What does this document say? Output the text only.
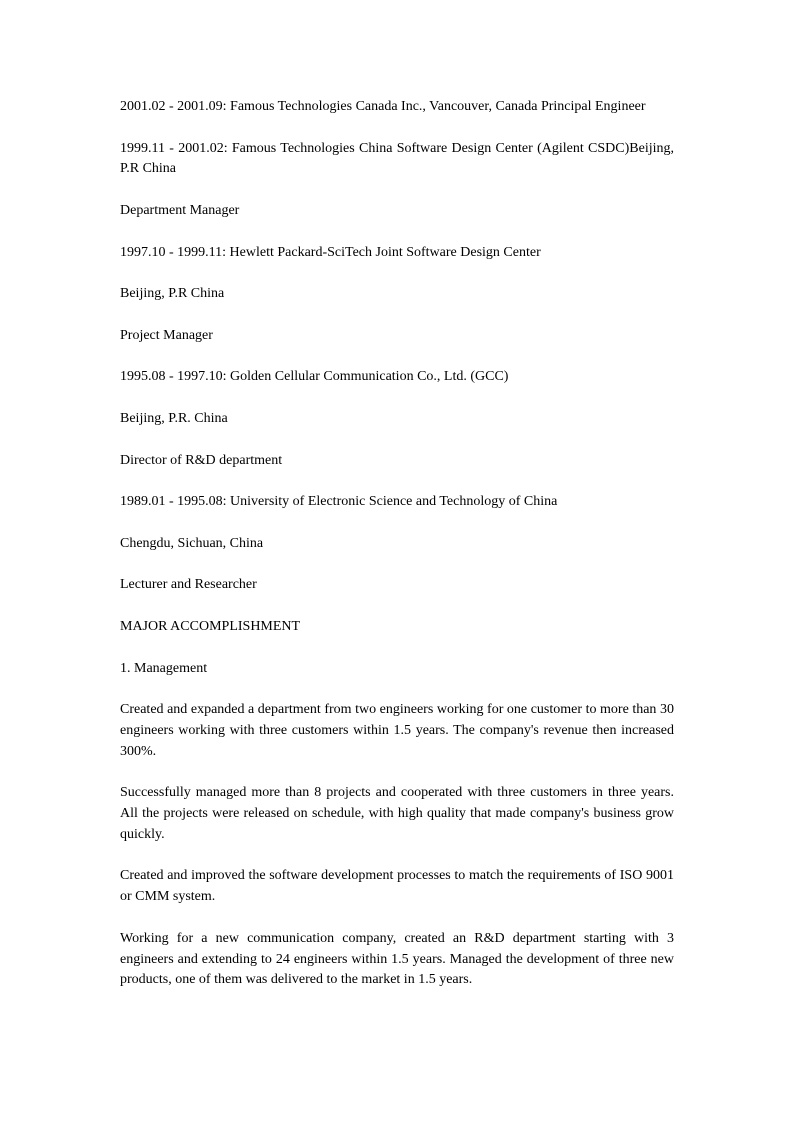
2001.02 - 2001.09: Famous Technologies Canada Inc., Vancouver, Canada Principal Engineer

1999.11 - 2001.02: Famous Technologies China Software Design Center (Agilent CSDC)Beijing, P.R China

Department Manager

1997.10 - 1999.11: Hewlett Packard-SciTech Joint Software Design Center

Beijing, P.R China

Project Manager

1995.08 - 1997.10: Golden Cellular Communication Co., Ltd. (GCC)

Beijing, P.R. China

Director of R&D department

1989.01 - 1995.08: University of Electronic Science and Technology of China

Chengdu, Sichuan, China

Lecturer and Researcher

MAJOR ACCOMPLISHMENT

1. Management

Created and expanded a department from two engineers working for one customer to more than 30 engineers working with three customers within 1.5 years. The company's revenue then increased 300%.

Successfully managed more than 8 projects and cooperated with three customers in three years. All the projects were released on schedule, with high quality that made company's business grow quickly.

Created and improved the software development processes to match the requirements of ISO 9001 or CMM system.

Working for a new communication company, created an R&D department starting with 3 engineers and extending to 24 engineers within 1.5 years. Managed the development of three new products, one of them was delivered to the market in 1.5 years.
